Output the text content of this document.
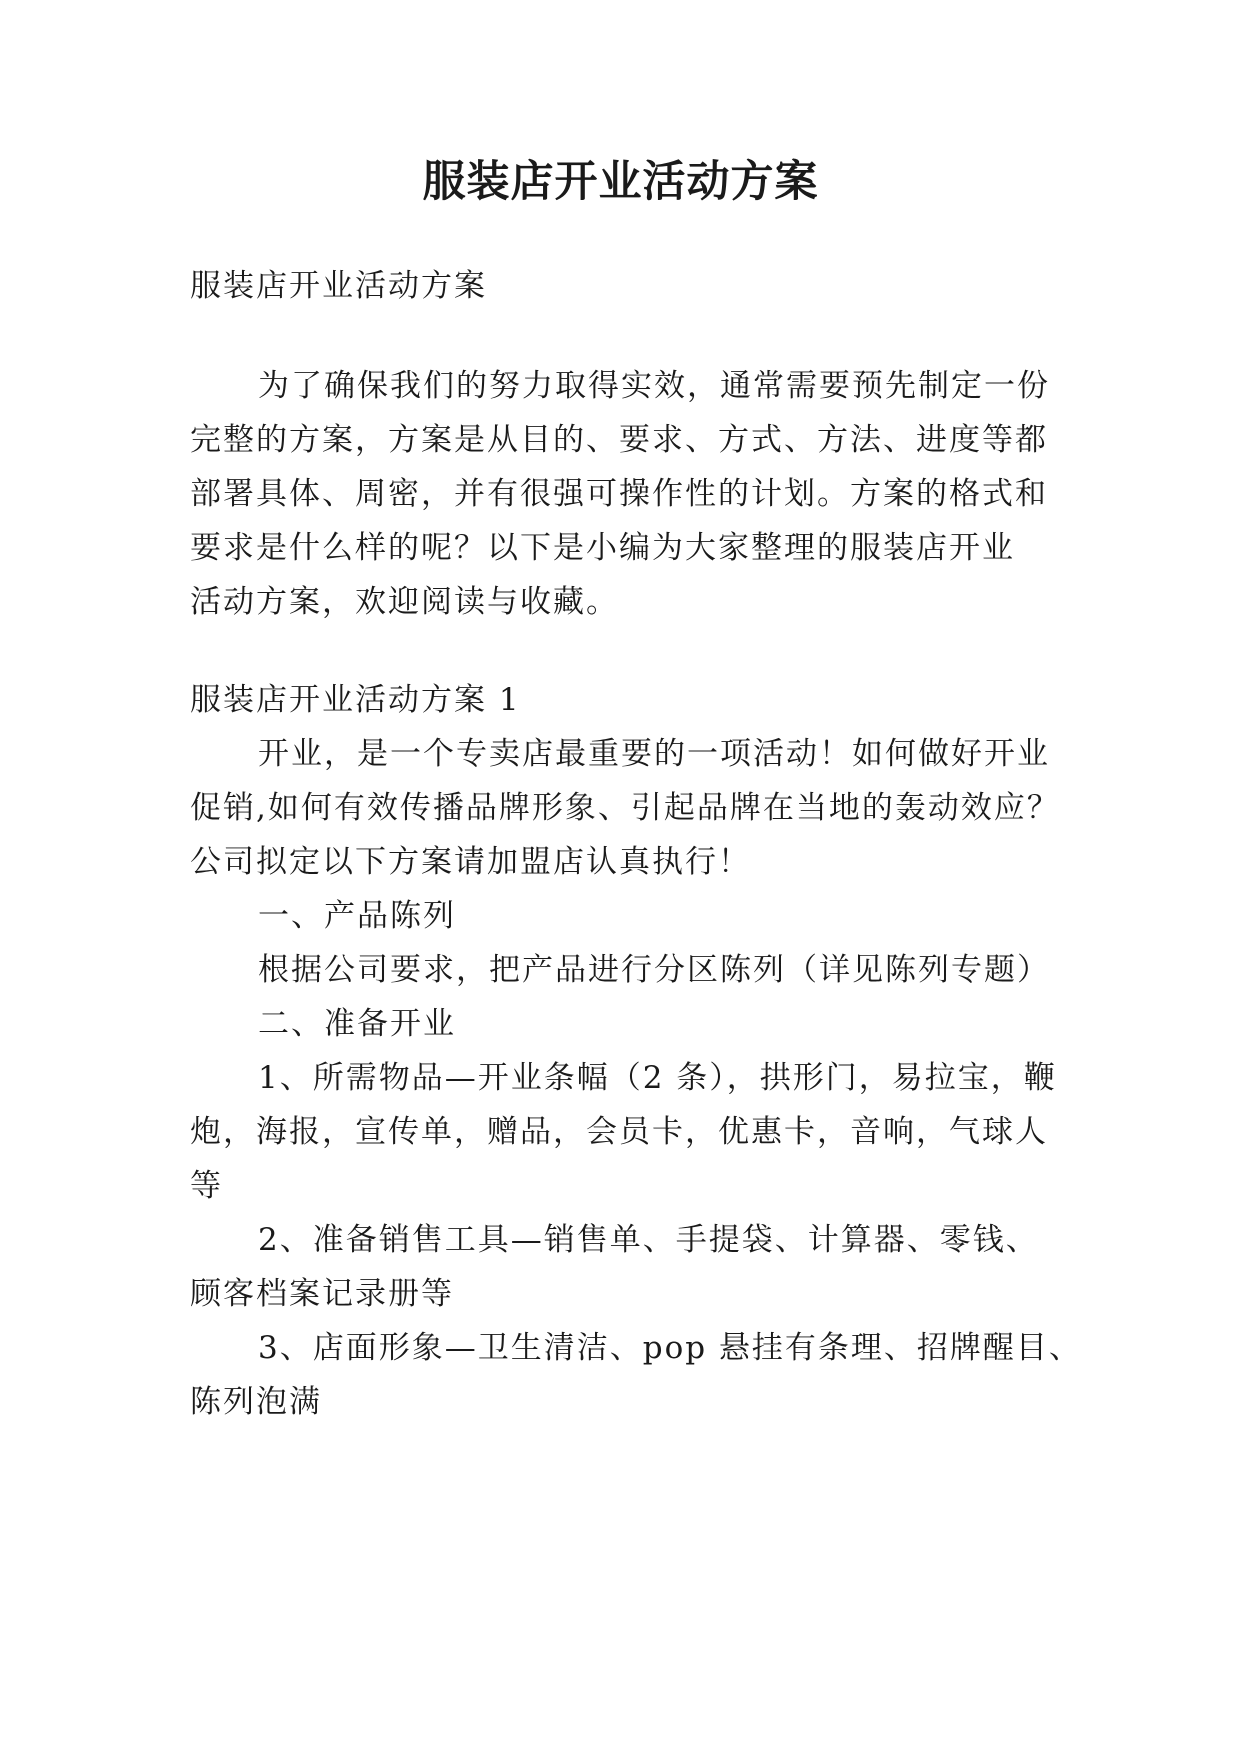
服装店开业活动方案
服装店开业活动方案
为了确保我们的努力取得实效，通常需要预先制定一份
完整的方案，方案是从目的、要求、方式、方法、进度等都
部署具体、周密，并有很强可操作性的计划。方案的格式和
要求是什么样的呢？以下是小编为大家整理的服装店开业
活动方案，欢迎阅读与收藏。
服装店开业活动方案 1
开业，是一个专卖店最重要的一项活动！如何做好开业
促销,如何有效传播品牌形象、引起品牌在当地的轰动效应？
公司拟定以下方案请加盟店认真执行！
一、产品陈列
根据公司要求，把产品进行分区陈列（详见陈列专题）
二、准备开业
1、所需物品—开业条幅（2 条），拱形门，易拉宝，鞭
炮，海报，宣传单，赠品，会员卡，优惠卡，音响，气球人
等
2、准备销售工具—销售单、手提袋、计算器、零钱、
顾客档案记录册等
3、店面形象—卫生清洁、pop 悬挂有条理、招牌醒目、
陈列泡满
